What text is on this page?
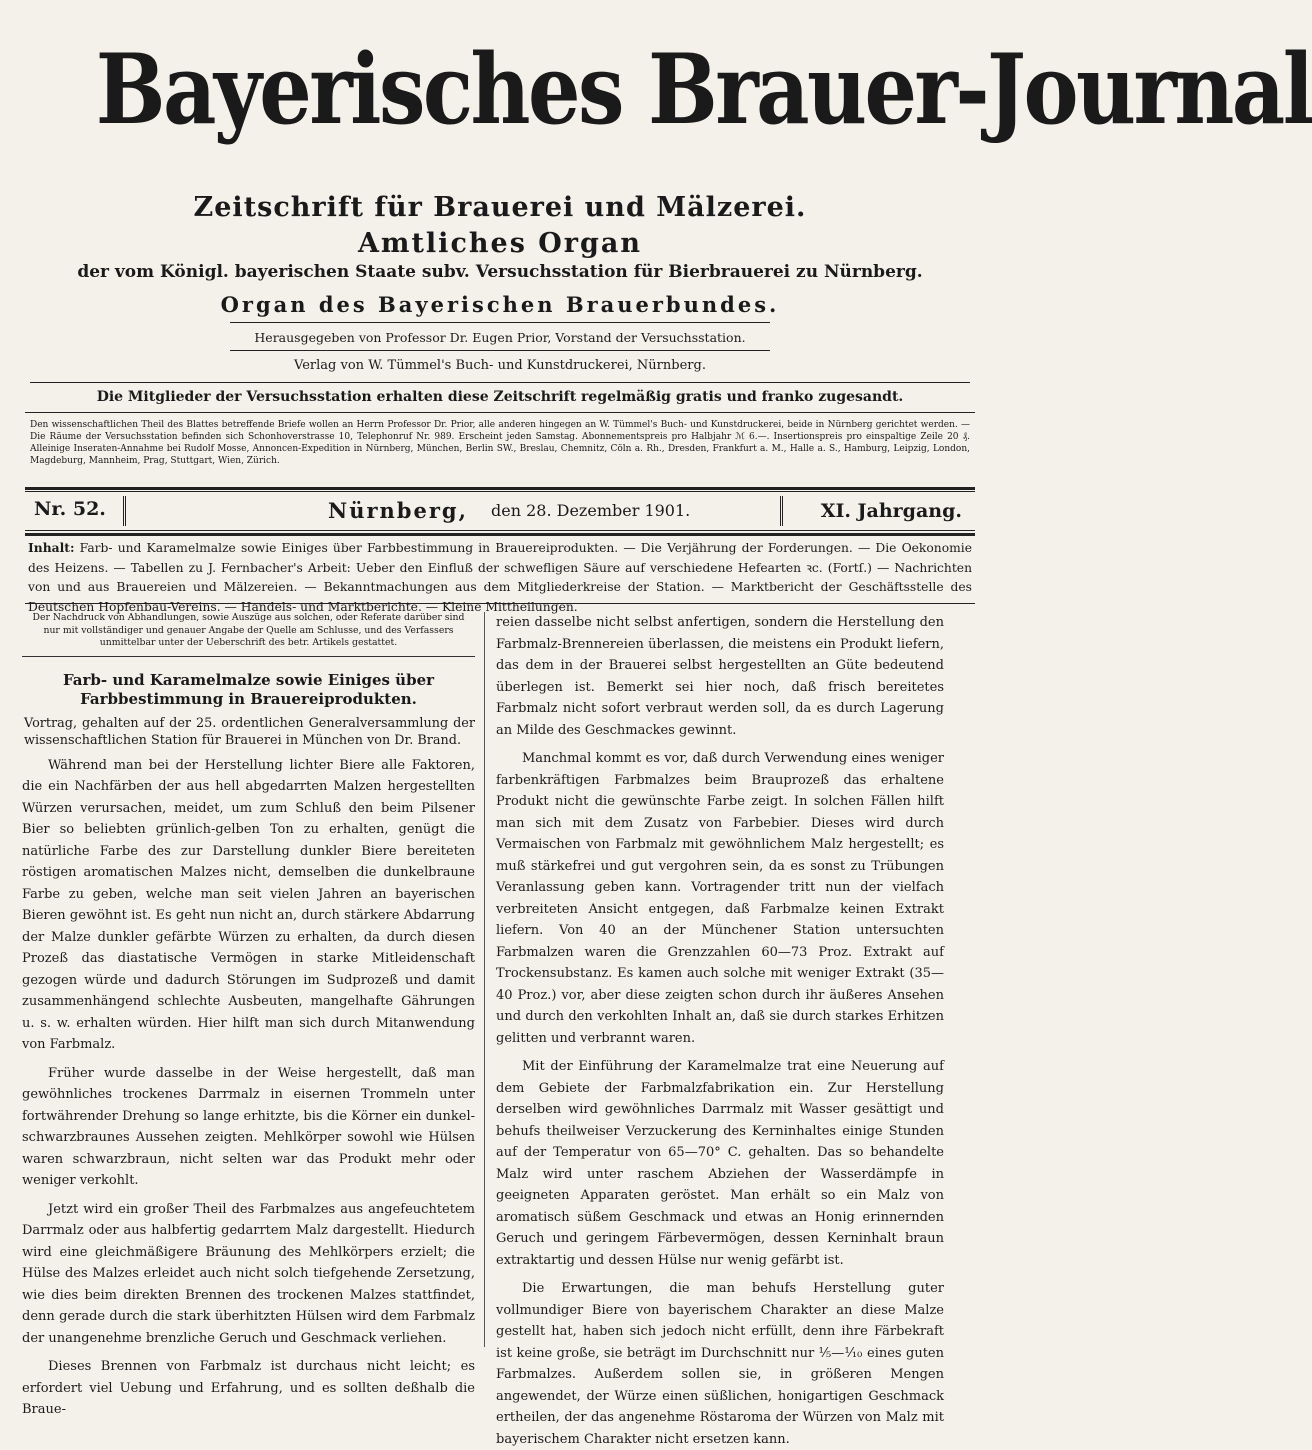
Bayerisches Brauer-Journal
Zeitschrift für Brauerei und Mälzerei.
Amtliches Organ
der vom Königl. bayerischen Staate subv. Versuchsstation für Bierbrauerei zu Nürnberg.
Organ des Bayerischen Brauerbundes.
Herausgegeben von Professor Dr. Eugen Prior, Vorstand der Versuchsstation.
Verlag von W. Tümmel's Buch- und Kunstdruckerei, Nürnberg.
Die Mitglieder der Versuchsstation erhalten diese Zeitschrift regelmäßig gratis und franko zugesandt.
Den wissenschaftlichen Theil des Blattes betreffende Briefe wollen an Herrn Professor Dr. Prior, alle anderen hingegen an W. Tümmel's Buch- und Kunstdruckerei, beide in Nürnberg gerichtet werden. — Die Räume der Versuchsstation befinden sich Schonhoverstrasse 10, Telephonruf Nr. 989. Erscheint jeden Samstag. Abonnementspreis pro Halbjahr ℳ 6.—. Insertionspreis pro einspaltige Zeile 20 ₰. Alleinige Inseraten-Annahme bei Rudolf Mosse, Annoncen-Expedition in Nürnberg, München, Berlin SW., Breslau, Chemnitz, Cöln a. Rh., Dresden, Frankfurt a. M., Halle a. S., Hamburg, Leipzig, London, Magdeburg, Mannheim, Prag, Stuttgart, Wien, Zürich.
Nr. 52.	Nürnberg, den 28. Dezember 1901.	XI. Jahrgang.
Inhalt: Farb- und Karamelmalze sowie Einiges über Farbbestimmung in Brauereiprodukten. — Die Verjährung der Forderungen. — Die Oekonomie des Heizens. — Tabellen zu J. Fernbacher's Arbeit: Ueber den Einfluß der schwefligen Säure auf verschiedene Hefearten ꝛc. (Fortſ.) — Nachrichten von und aus Brauereien und Mälzereien. — Bekanntmachungen aus dem Mitgliederkreise der Station. — Marktbericht der Geschäftsstelle des Deutschen Hopfenbau-Vereins. — Handels- und Marktberichte. — Kleine Mittheilungen.
Der Nachdruck von Abhandlungen, sowie Auszüge aus solchen, oder Referate darüber sind nur mit vollständiger und genauer Angabe der Quelle am Schlusse, und des Verfassers unmittelbar unter der Ueberschrift des betr. Artikels gestattet.
Farb- und Karamelmalze sowie Einiges über Farbbestimmung in Brauereiprodukten.
Vortrag, gehalten auf der 25. ordentlichen Generalversammlung der wissenschaftlichen Station für Brauerei in München von Dr. Brand.

Während man bei der Herstellung lichter Biere alle Faktoren, die ein Nachfärben der aus hell abgedarrten Malzen hergestellten Würzen verursachen, meidet, um zum Schluß den beim Pilsener Bier so beliebten grünlich-gelben Ton zu erhalten, genügt die natürliche Farbe des zur Darstellung dunkler Biere bereiteten röstigen aromatischen Malzes nicht, demselben die dunkelbraune Farbe zu geben, welche man seit vielen Jahren an bayerischen Bieren gewöhnt ist. Es geht nun nicht an, durch stärkere Abdarrung der Malze dunkler gefärbte Würzen zu erhalten, da durch diesen Prozeß das diastatische Vermögen in starke Mitleidenschaft gezogen würde und dadurch Störungen im Sudprozeß und damit zusammenhängend schlechte Ausbeuten, mangelhafte Gährungen u. s. w. erhalten würden. Hier hilft man sich durch Mitanwendung von Farbmalz.

Früher wurde dasselbe in der Weise hergestellt, daß man gewöhnliches trockenes Darrmalz in eisernen Trommeln unter fortwährender Drehung so lange erhitzte, bis die Körner ein dunkel-schwarzbraunes Aussehen zeigten. Mehlkörper sowohl wie Hülsen waren schwarzbraun, nicht selten war das Produkt mehr oder weniger verkohlt.

Jetzt wird ein großer Theil des Farbmalzes aus angefeuchtetem Darrmalz oder aus halbfertig gedarrtem Malz dargestellt. Hiedurch wird eine gleichmäßigere Bräunung des Mehlkörpers erzielt; die Hülse des Malzes erleidet auch nicht solch tiefgehende Zersetzung, wie dies beim direkten Brennen des trockenen Malzes stattfindet, denn gerade durch die stark überhitzten Hülsen wird dem Farbmalz der unangenehme brenzliche Geruch und Geschmack verliehen.

Dieses Brennen von Farbmalz ist durchaus nicht leicht; es erfordert viel Uebung und Erfahrung, und es sollten deßhalb die Braue-

reien dasselbe nicht selbst anfertigen, sondern die Herstellung den Farbmalz-Brennereien überlassen, die meistens ein Produkt liefern, das dem in der Brauerei selbst hergestellten an Güte bedeutend überlegen ist. Bemerkt sei hier noch, daß frisch bereitetes Farbmalz nicht sofort verbraut werden soll, da es durch Lagerung an Milde des Geschmackes gewinnt.

Manchmal kommt es vor, daß durch Verwendung eines weniger farbenkräftigen Farbmalzes beim Brauprozeß das erhaltene Produkt nicht die gewünschte Farbe zeigt. In solchen Fällen hilft man sich mit dem Zusatz von Farbebier. Dieses wird durch Vermaischen von Farbmalz mit gewöhnlichem Malz hergestellt; es muß stärkefrei und gut vergohren sein, da es sonst zu Trübungen Veranlassung geben kann. Vortragender tritt nun der vielfach verbreiteten Ansicht entgegen, daß Farbmalze keinen Extrakt liefern. Von 40 an der Münchener Station untersuchten Farbmalzen waren die Grenzzahlen 60—73 Proz. Extrakt auf Trockensubstanz. Es kamen auch solche mit weniger Extrakt (35—40 Proz.) vor, aber diese zeigten schon durch ihr äußeres Ansehen und durch den verkohlten Inhalt an, daß sie durch starkes Erhitzen gelitten und verbrannt waren.

Mit der Einführung der Karamelmalze trat eine Neuerung auf dem Gebiete der Farbmalzfabrikation ein. Zur Herstellung derselben wird gewöhnliches Darrmalz mit Wasser gesättigt und behufs theilweiser Verzuckerung des Kerninhaltes einige Stunden auf der Temperatur von 65—70° C. gehalten. Das so behandelte Malz wird unter raschem Abziehen der Wasserdämpfe in geeigneten Apparaten geröstet. Man erhält so ein Malz von aromatisch süßem Geschmack und etwas an Honig erinnernden Geruch und geringem Färbevermögen, dessen Kerninhalt braun extraktartig und dessen Hülse nur wenig gefärbt ist.

Die Erwartungen, die man behufs Herstellung guter vollmundiger Biere von bayerischem Charakter an diese Malze gestellt hat, haben sich jedoch nicht erfüllt, denn ihre Färbekraft ist keine große, sie beträgt im Durchschnitt nur ⅕—⅒ eines guten Farbmalzes. Außerdem sollen sie, in größeren Mengen angewendet, der Würze einen süßlichen, honigartigen Geschmack ertheilen, der das angenehme Röstaroma der Würzen von Malz mit bayerischem Charakter nicht ersetzen kann.
